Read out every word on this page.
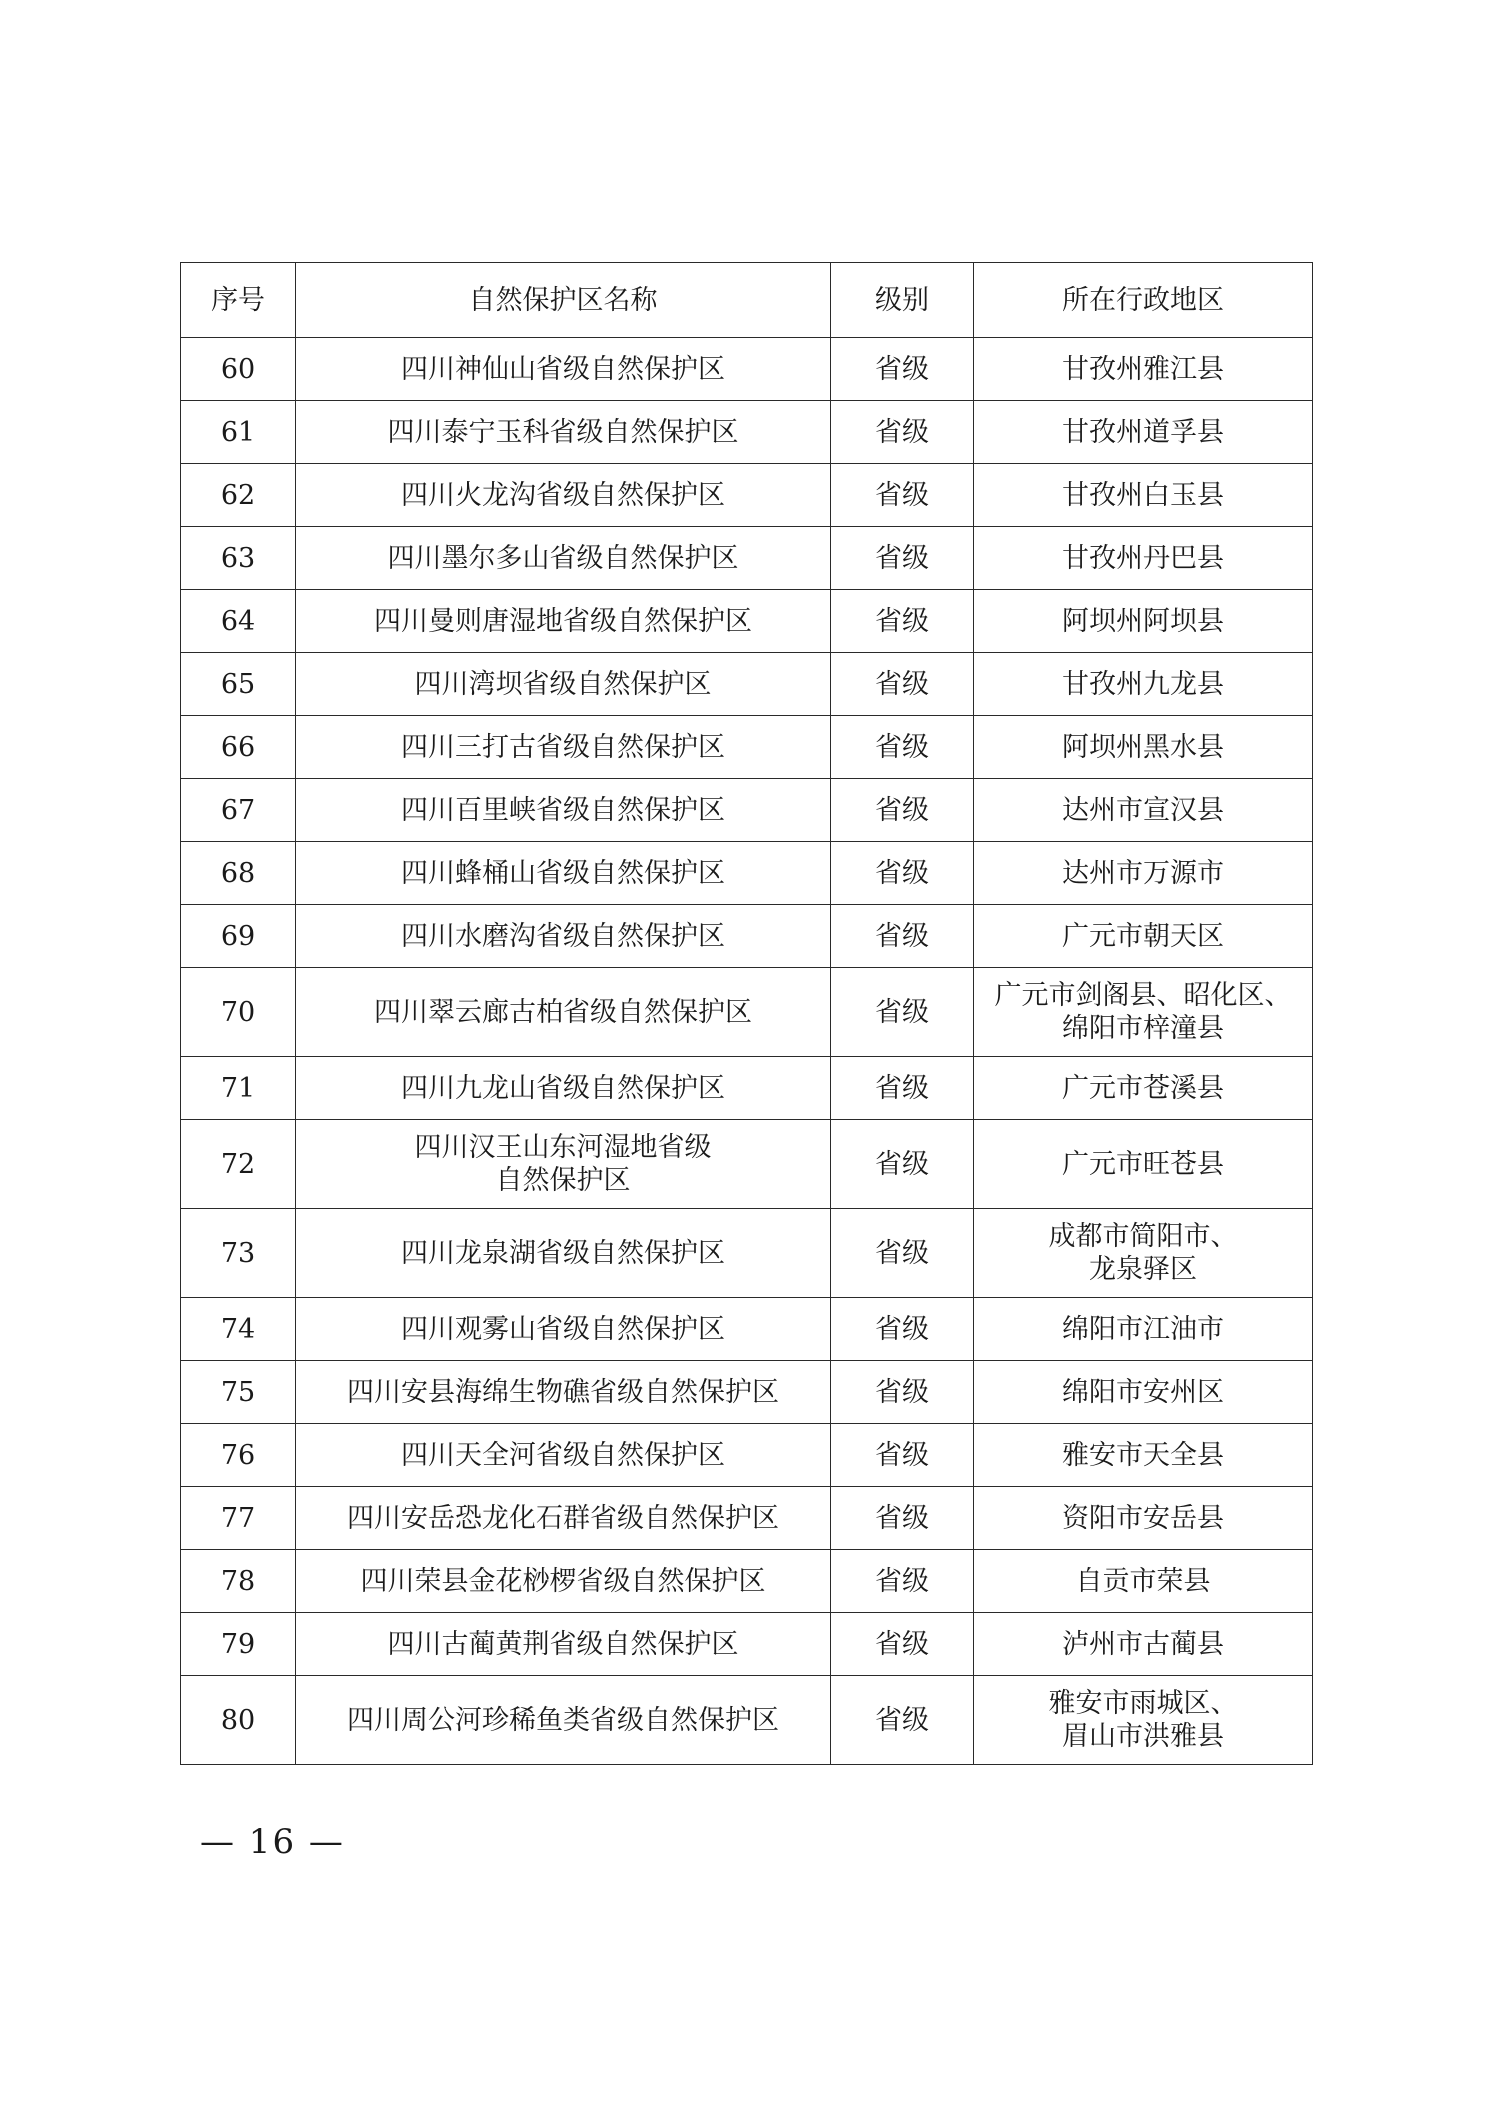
序号	自然保护区名称	级别	所在行政地区
60	四川神仙山省级自然保护区	省级	甘孜州雅江县

61	四川泰宁玉科省级自然保护区	省级	甘孜州道孚县

62	四川火龙沟省级自然保护区	省级	甘孜州白玉县

63	四川墨尔多山省级自然保护区	省级	甘孜州丹巴县

64	四川曼则唐湿地省级自然保护区	省级	阿坝州阿坝县

65	四川湾坝省级自然保护区	省级	甘孜州九龙县

66	四川三打古省级自然保护区	省级	阿坝州黑水县

67	四川百里峡省级自然保护区	省级	达州市宣汉县

68	四川蜂桶山省级自然保护区	省级	达州市万源市

69	四川水磨沟省级自然保护区	省级	广元市朝天区

70	四川翠云廊古柏省级自然保护区	省级	广元市剑阁县、昭化区、
绵阳市梓潼县

71	四川九龙山省级自然保护区	省级	广元市苍溪县

72	四川汉王山东河湿地省级
自然保护区	省级	广元市旺苍县

73	四川龙泉湖省级自然保护区	省级	成都市简阳市、
龙泉驿区

74	四川观雾山省级自然保护区	省级	绵阳市江油市

75	四川安县海绵生物礁省级自然保护区	省级	绵阳市安州区

76	四川天全河省级自然保护区	省级	雅安市天全县

77	四川安岳恐龙化石群省级自然保护区	省级	资阳市安岳县

78	四川荣县金花桫椤省级自然保护区	省级	自贡市荣县

79	四川古蔺黄荆省级自然保护区	省级	泸州市古蔺县

80	四川周公河珍稀鱼类省级自然保护区	省级	雅安市雨城区、
眉山市洪雅县
— 16 —
